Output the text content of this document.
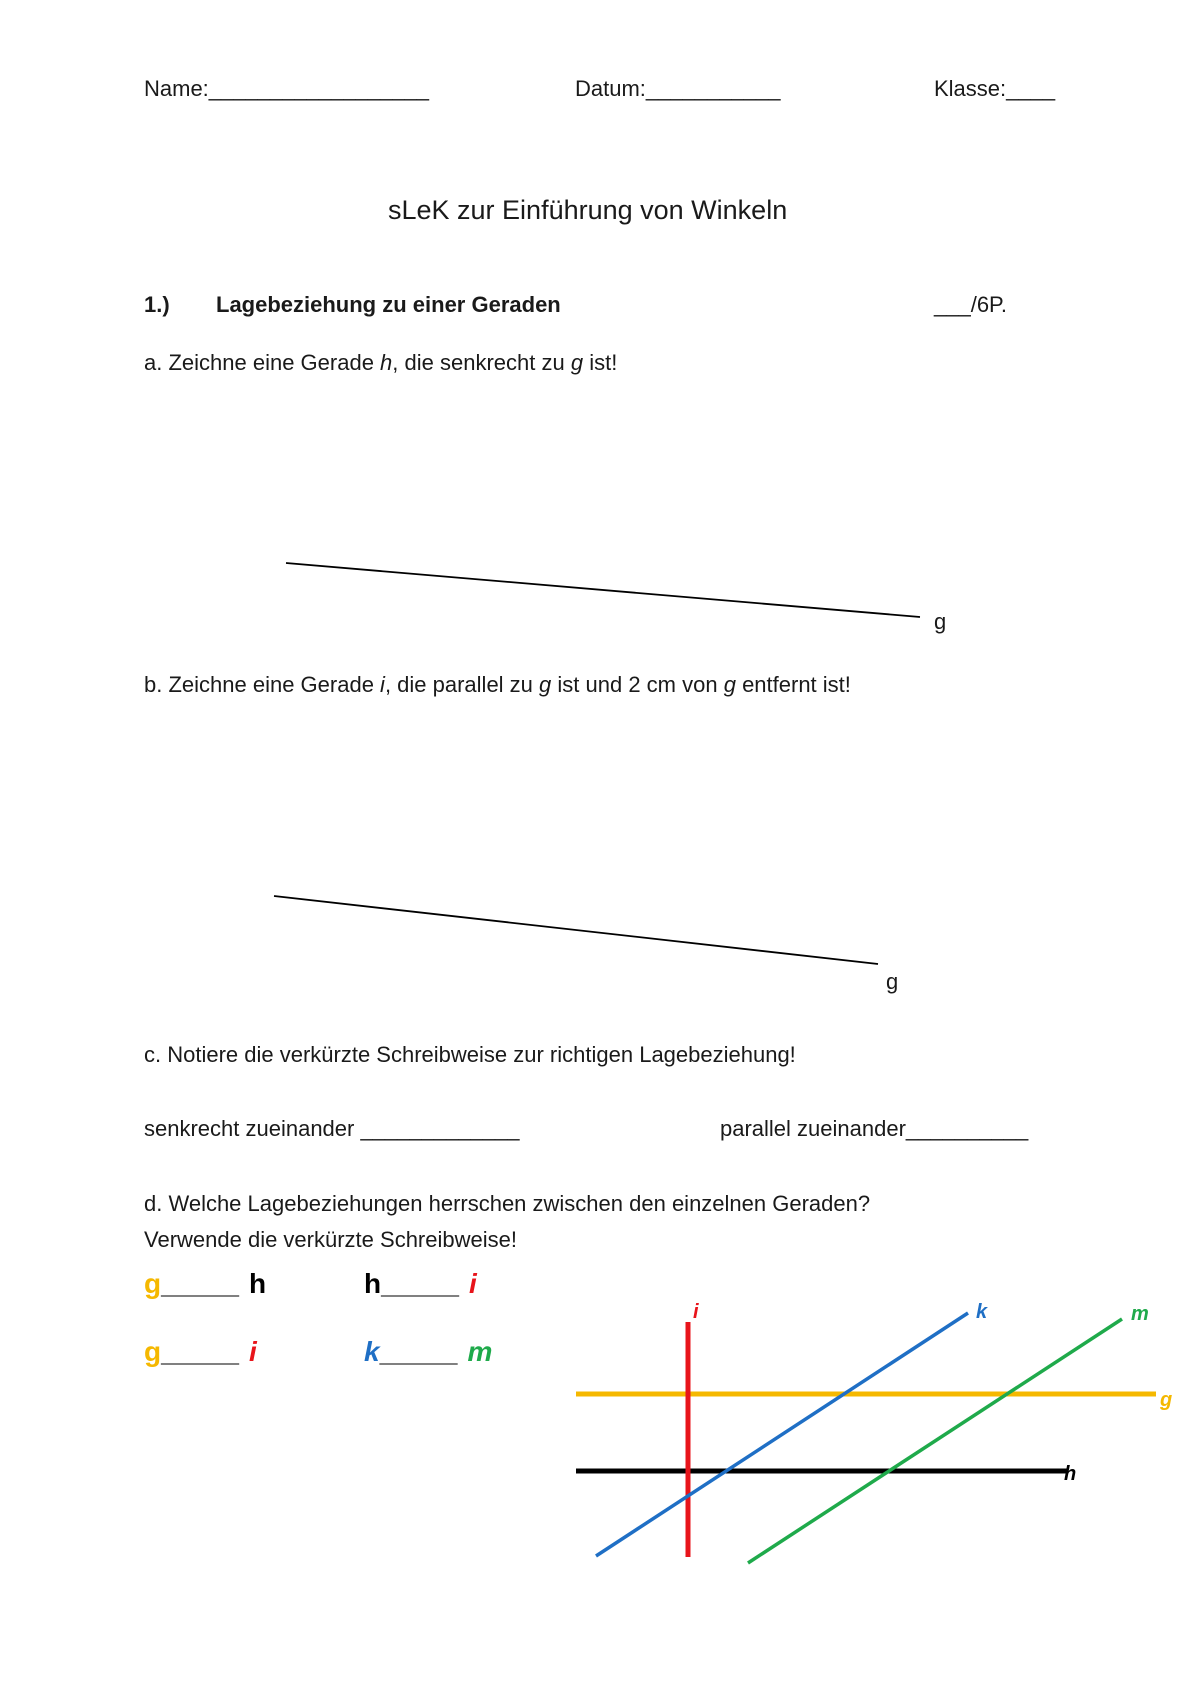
Name:__________________	Datum:___________	Klasse:____
sLeK zur Einführung von Winkeln
1.) Lagebeziehung zu einer Geraden	___/6P.
a. Zeichne eine Gerade h, die senkrecht zu g ist!
b. Zeichne eine Gerade i, die parallel zu g ist und 2 cm von g entfernt ist!
c. Notiere die verkürzte Schreibweise zur richtigen Lagebeziehung!
senkrecht zueinander _____________	parallel zueinander__________
d. Welche Lagebeziehungen herrschen zwischen den einzelnen Geraden?
Verwende die verkürzte Schreibweise!
g_____ h	h_____ i
g_____ i	k_____ m
g
g
i	k	m
g
h
